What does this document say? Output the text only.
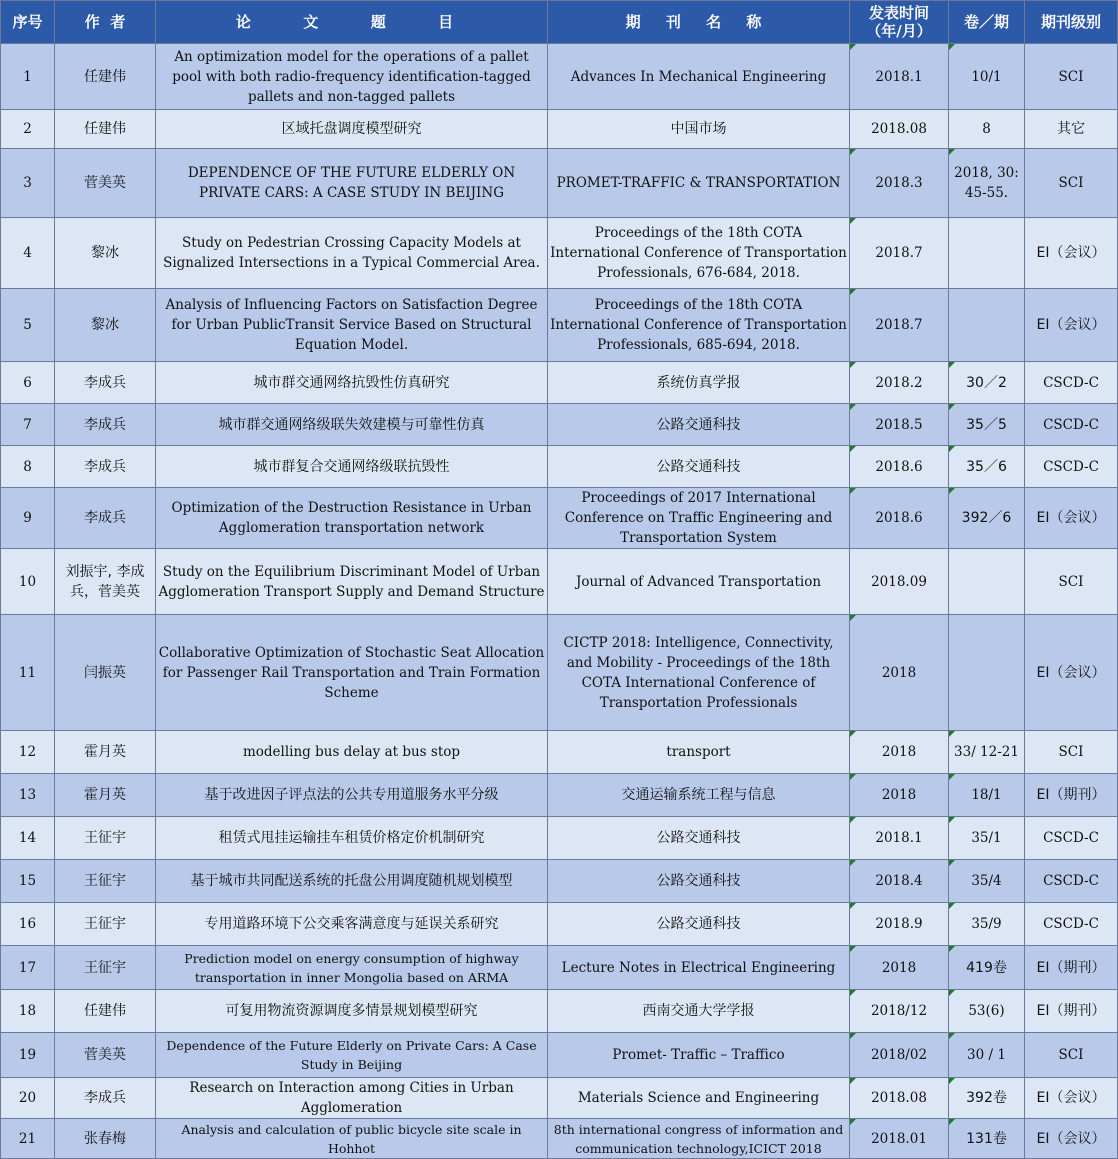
序号	作  者	论  文  题  目	期 刊 名 称	发表时间（年/月）	卷／期	期刊级别
1	任建伟	An optimization model for the operations of a pallet pool with both radio-frequency identification-tagged pallets and non-tagged pallets	Advances In Mechanical Engineering	2018.1	10/1	SCI
2	任建伟	区域托盘调度模型研究	中国市场	2018.08	8	其它
3	菅美英	DEPENDENCE OF THE FUTURE ELDERLY ON PRIVATE CARS: A CASE STUDY IN BEIJING	PROMET-TRAFFIC & TRANSPORTATION	2018.3	2018, 30: 45-55.	SCI
4	黎冰	Study on Pedestrian Crossing Capacity Models at Signalized Intersections in a Typical Commercial Area.	Proceedings of the 18th COTA International Conference of Transportation Professionals, 676-684, 2018.	2018.7		EI（会议）
5	黎冰	Analysis of Influencing Factors on Satisfaction Degree for Urban PublicTransit Service Based on Structural Equation Model.	Proceedings of the 18th COTA International Conference of Transportation Professionals, 685-694, 2018.	2018.7		EI（会议）
6	李成兵	城市群交通网络抗毁性仿真研究	系统仿真学报	2018.2	30／2	CSCD-C
7	李成兵	城市群交通网络级联失效建模与可靠性仿真	公路交通科技	2018.5	35／5	CSCD-C
8	李成兵	城市群复合交通网络级联抗毁性	公路交通科技	2018.6	35／6	CSCD-C
9	李成兵	Optimization of the Destruction Resistance in Urban Agglomeration transportation network	Proceedings of 2017 International Conference on Traffic Engineering and Transportation System	2018.6	392／6	EI（会议）
10	刘振宇, 李成兵，菅美英	Study on the Equilibrium Discriminant Model of Urban Agglomeration Transport Supply and Demand Structure	Journal of Advanced Transportation	2018.09		SCI
11	闫振英	Collaborative Optimization of Stochastic Seat Allocation for Passenger Rail Transportation and Train Formation Scheme	CICTP 2018: Intelligence, Connectivity, and Mobility - Proceedings of the 18th COTA International Conference of Transportation Professionals	2018		EI（会议）
12	霍月英	modelling bus delay at bus stop	transport	2018	33/ 12-21	SCI
13	霍月英	基于改进因子评点法的公共专用道服务水平分级	交通运输系统工程与信息	2018	18/1	EI（期刊）
14	王征宇	租赁式甩挂运输挂车租赁价格定价机制研究	公路交通科技	2018.1	35/1	CSCD-C
15	王征宇	基于城市共同配送系统的托盘公用调度随机规划模型	公路交通科技	2018.4	35/4	CSCD-C
16	王征宇	专用道路环境下公交乘客满意度与延误关系研究	公路交通科技	2018.9	35/9	CSCD-C
17	王征宇	Prediction model on energy consumption of highway transportation in inner Mongolia based on ARMA	Lecture Notes in Electrical Engineering	2018	419卷	EI（期刊）
18	任建伟	可复用物流资源调度多情景规划模型研究	西南交通大学学报	2018/12	53(6)	EI（期刊）
19	菅美英	Dependence of the Future Elderly on Private Cars: A Case Study in Beijing	Promet- Traffic – Traffico	2018/02	30 / 1	SCI
20	李成兵	Research on Interaction among Cities in Urban Agglomeration	Materials Science and Engineering	2018.08	392卷	EI（会议）
21	张春梅	Analysis and calculation of public bicycle site scale in Hohhot	8th international congress of information and communication technology,ICICT 2018	2018.01	131卷	EI（会议）
